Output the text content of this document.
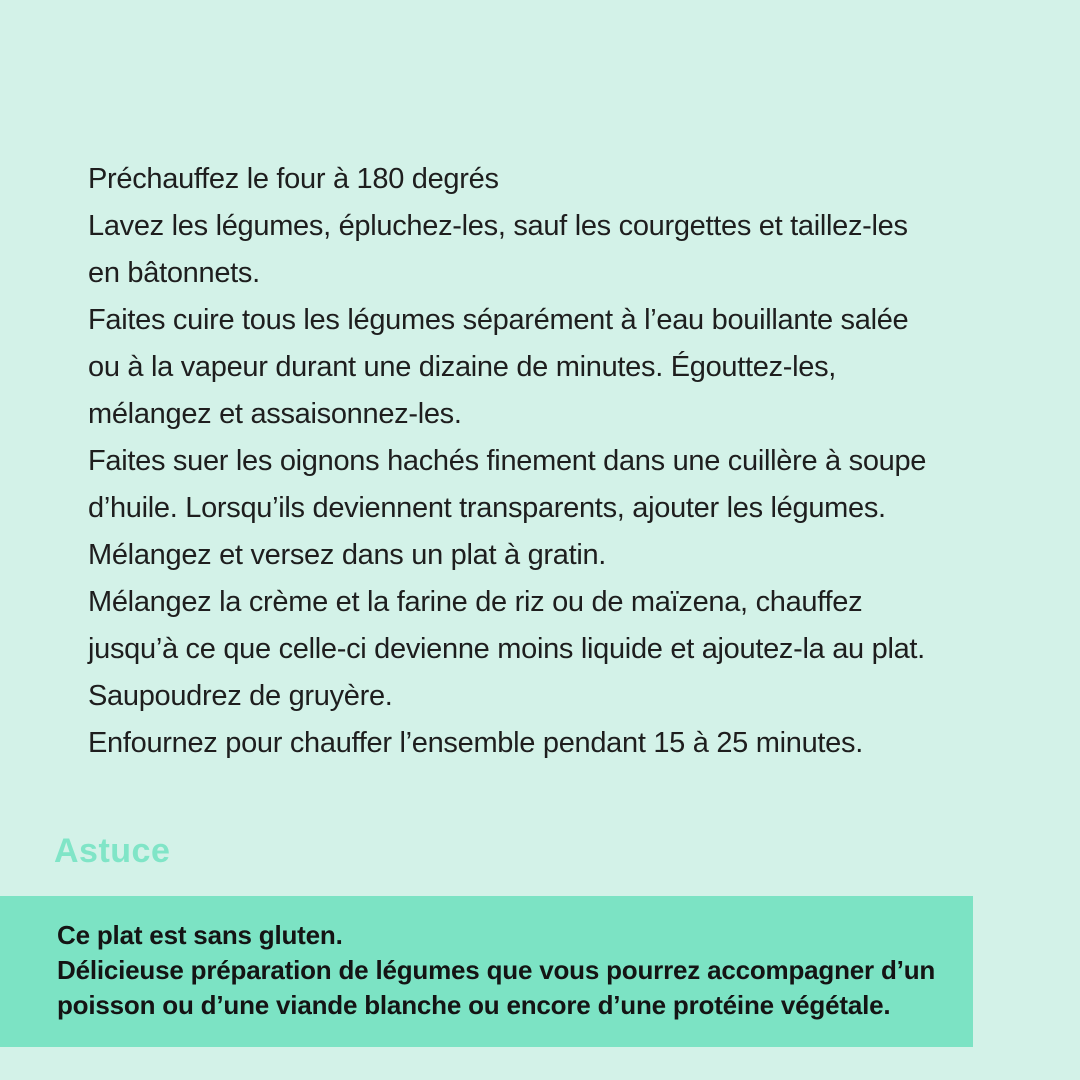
Préchauffez le four à 180 degrés
Lavez les légumes, épluchez-les, sauf les courgettes et taillez-les
en bâtonnets.
Faites cuire tous les légumes séparément à l’eau bouillante salée
ou à la vapeur durant une dizaine de minutes. Égouttez-les,
mélangez et assaisonnez-les.
Faites suer les oignons hachés finement dans une cuillère à soupe
d’huile. Lorsqu’ils deviennent transparents, ajouter les légumes.
Mélangez et versez dans un plat à gratin.
Mélangez la crème et la farine de riz ou de maïzena, chauffez
jusqu’à ce que celle-ci devienne moins liquide et ajoutez-la au plat.
Saupoudrez de gruyère.
Enfournez pour chauffer l’ensemble pendant 15 à 25 minutes.
Astuce
Ce plat est sans gluten.
Délicieuse préparation de légumes que vous pourrez accompagner d’un
poisson ou d’une viande blanche ou encore d’une protéine végétale.
